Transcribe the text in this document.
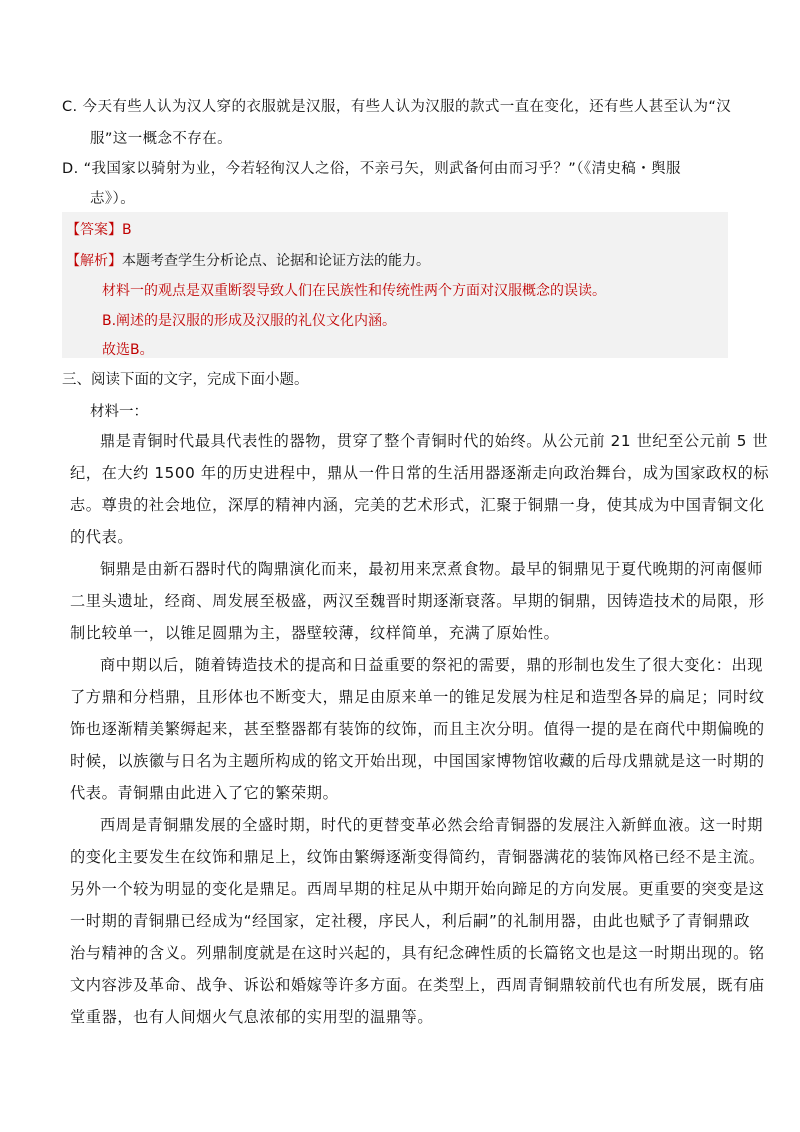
C. 今天有些人认为汉人穿的衣服就是汉服，有些人认为汉服的款式一直在变化，还有些人甚至认为“汉
服”这一概念不存在。
D. “我国家以骑射为业，今若轻徇汉人之俗，不亲弓矢，则武备何由而习乎？”（《清史稿・舆服
志》）。
【答案】B
【解析】本题考查学生分析论点、论据和论证方法的能力。
材料一的观点是双重断裂导致人们在民族性和传统性两个方面对汉服概念的误读。
B.阐述的是汉服的形成及汉服的礼仪文化内涵。
故选B。
三、阅读下面的文字，完成下面小题。
材料一：
鼎是青铜时代最具代表性的器物，贯穿了整个青铜时代的始终。从公元前 21 世纪至公元前 5 世
纪，在大约 1500 年的历史进程中，鼎从一件日常的生活用器逐渐走向政治舞台，成为国家政权的标
志。尊贵的社会地位，深厚的精神内涵，完美的艺术形式，汇聚于铜鼎一身，使其成为中国青铜文化
的代表。
铜鼎是由新石器时代的陶鼎演化而来，最初用来烹煮食物。最早的铜鼎见于夏代晚期的河南偃师
二里头遗址，经商、周发展至极盛，两汉至魏晋时期逐渐衰落。早期的铜鼎，因铸造技术的局限，形
制比较单一，以锥足圆鼎为主，器壁较薄，纹样简单，充满了原始性。
商中期以后，随着铸造技术的提高和日益重要的祭祀的需要，鼎的形制也发生了很大变化：出现
了方鼎和分档鼎，且形体也不断变大，鼎足由原来单一的锥足发展为柱足和造型各异的扁足；同时纹
饰也逐渐精美繁缛起来，甚至整器都有装饰的纹饰，而且主次分明。值得一提的是在商代中期偏晚的
时候，以族徽与日名为主题所构成的铭文开始出现，中国国家博物馆收藏的后母戊鼎就是这一时期的
代表。青铜鼎由此进入了它的繁荣期。
西周是青铜鼎发展的全盛时期，时代的更替变革必然会给青铜器的发展注入新鲜血液。这一时期
的变化主要发生在纹饰和鼎足上，纹饰由繁缛逐渐变得简约，青铜器满花的装饰风格已经不是主流。
另外一个较为明显的变化是鼎足。西周早期的柱足从中期开始向蹄足的方向发展。更重要的突变是这
一时期的青铜鼎已经成为“经国家，定社稷，序民人，利后嗣”的礼制用器，由此也赋予了青铜鼎政
治与精神的含义。列鼎制度就是在这时兴起的，具有纪念碑性质的长篇铭文也是这一时期出现的。铭
文内容涉及革命、战争、诉讼和婚嫁等许多方面。在类型上，西周青铜鼎较前代也有所发展，既有庙
堂重器，也有人间烟火气息浓郁的实用型的温鼎等。
